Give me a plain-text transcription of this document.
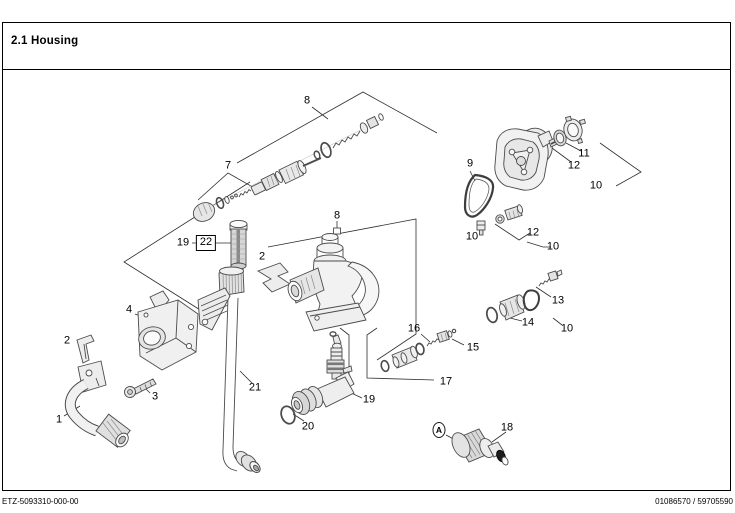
2.1 Housing
8
7
19 22
2
8
4
2
3
1
21
20
19
16
15
17
13
14 10
9
10
11
12
10
12
10
18
A
ETZ-5093310-000-00	01086570 / 59705590
